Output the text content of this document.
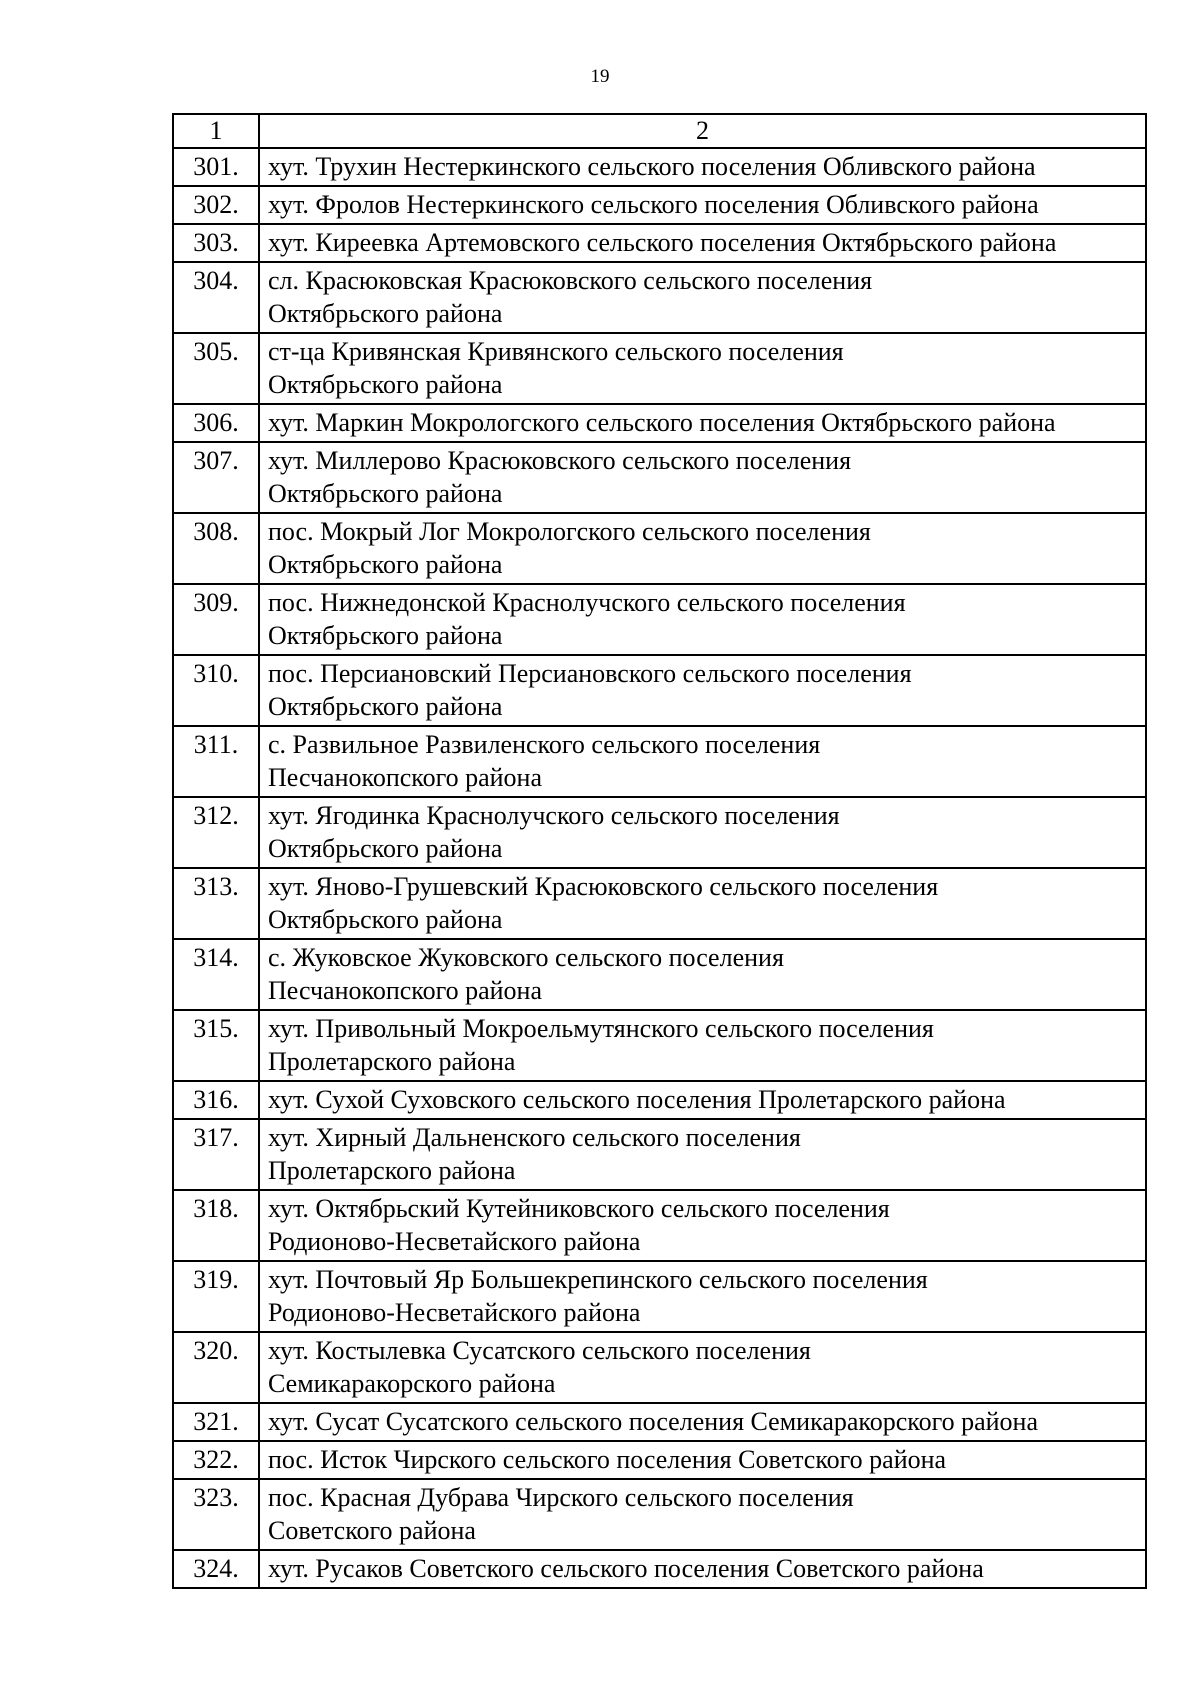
19
1	2
301.	хут. Трухин Нестеркинского сельского поселения Обливского района

302.	хут. Фролов Нестеркинского сельского поселения Обливского района

303.	хут. Киреевка Артемовского сельского поселения Октябрьского района

304.	сл. Красюковская Красюковского сельского поселения
Октябрьского района

305.	ст-ца Кривянская Кривянского сельского поселения
Октябрьского района

306.	хут. Маркин Мокрологского сельского поселения Октябрьского района

307.	хут. Миллерово Красюковского сельского поселения
Октябрьского района

308.	пос. Мокрый Лог Мокрологского сельского поселения
Октябрьского района

309.	пос. Нижнедонской Краснолучского сельского поселения
Октябрьского района

310.	пос. Персиановский Персиановского сельского поселения
Октябрьского района

311.	с. Развильное Развиленского сельского поселения
Песчанокопского района

312.	хут. Ягодинка Краснолучского сельского поселения
Октябрьского района

313.	хут. Яново-Грушевский Красюковского сельского поселения
Октябрьского района

314.	с. Жуковское Жуковского сельского поселения
Песчанокопского района

315.	хут. Привольный Мокроельмутянского сельского поселения
Пролетарского района

316.	хут. Сухой Суховского сельского поселения Пролетарского района

317.	хут. Хирный Дальненского сельского поселения
Пролетарского района

318.	хут. Октябрьский Кутейниковского сельского поселения
Родионово-Несветайского района

319.	хут. Почтовый Яр Большекрепинского сельского поселения
Родионово-Несветайского района

320.	хут. Костылевка Сусатского сельского поселения
Семикаракорского района

321.	хут. Сусат Сусатского сельского поселения Семикаракорского района

322.	пос. Исток Чирского сельского поселения Советского района

323.	пос. Красная Дубрава Чирского сельского поселения
Советского района

324.	хут. Русаков Советского сельского поселения Советского района
